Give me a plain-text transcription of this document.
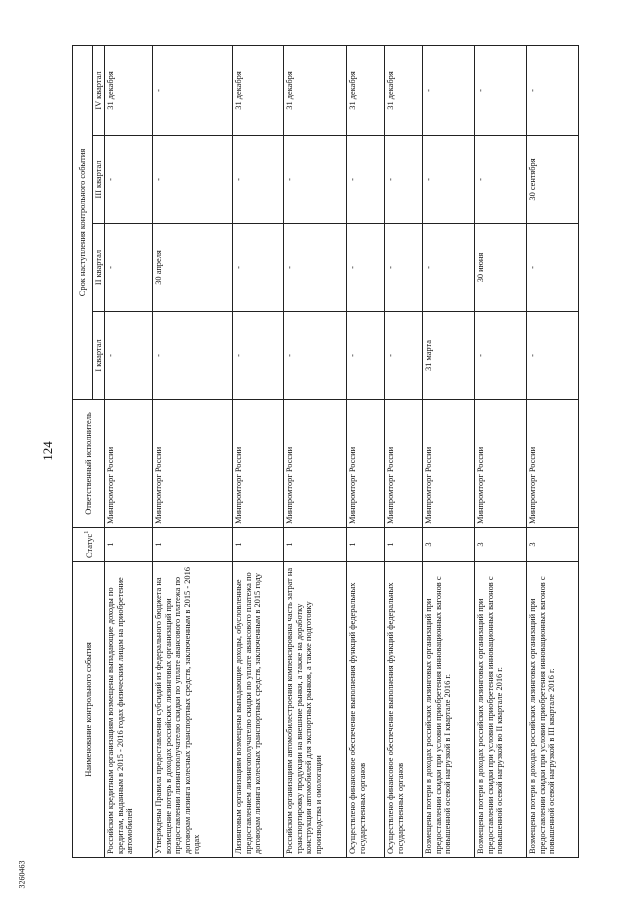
124
3260463
Наименование контрольного события	Статус$^1$	Ответственный исполнитель	Срок наступления контрольного события			
			I квартал	II квартал	III квартал	IV квартал
Российским кредитным организациям возмещены выпадающие доходы по кредитам, выданным в 2015 - 2016 годах физическим лицам на приобретение автомобилей	1	Минпромторг России	-	-	-	31 декабря
Утверждены Правила предоставления субсидий из федерального бюджета на возмещение потерь в доходах российских лизинговых организаций при предоставлении лизингополучателю скидки по уплате авансового платежа по договорам лизинга колесных транспортных средств, заключенным в 2015 - 2016 годах	1	Минпромторг России	-	30 апреля	-	-
Лизинговым организациям возмещены выпадающие доходы, обусловленные предоставлением лизингополучателю скидки по уплате авансового платежа по договорам лизинга колесных транспортных средств, заключенным в 2015 году	1	Минпромторг России	-	-	-	31 декабря
Российским организациям автомобилестроения компенсирована часть затрат на транспортировку продукции на внешние рынки, а также на доработку конструкции автомобилей для экспортных рынков, а также подготовку производства и омологации	1	Минпромторг России	-	-	-	31 декабря
Осуществлено финансовое обеспечение выполнения функций федеральных государственных органов	1	Минпромторг России	-	-	-	31 декабря
Осуществлено финансовое обеспечение выполнения функций федеральных государственных органов	1	Минпромторг России	-	-	-	31 декабря
Возмещены потери в доходах российских лизинговых организаций при предоставлении скидки при условии приобретения инновационных вагонов с повышенной осевой нагрузкой в I квартале 2016 г.	3	Минпромторг России	31 марта	-	-	-
Возмещены потери в доходах российских лизинговых организаций при предоставлении скидки при условии приобретения инновационных вагонов с повышенной осевой нагрузкой во II квартале 2016 г.	3	Минпромторг России	-	30 июня	-	-
Возмещены потери в доходах российских лизинговых организаций при предоставлении скидки при условии приобретения инновационных вагонов с повышенной осевой нагрузкой в III квартале 2016 г.	3	Минпромторг России	-	-	30 сентября	-
